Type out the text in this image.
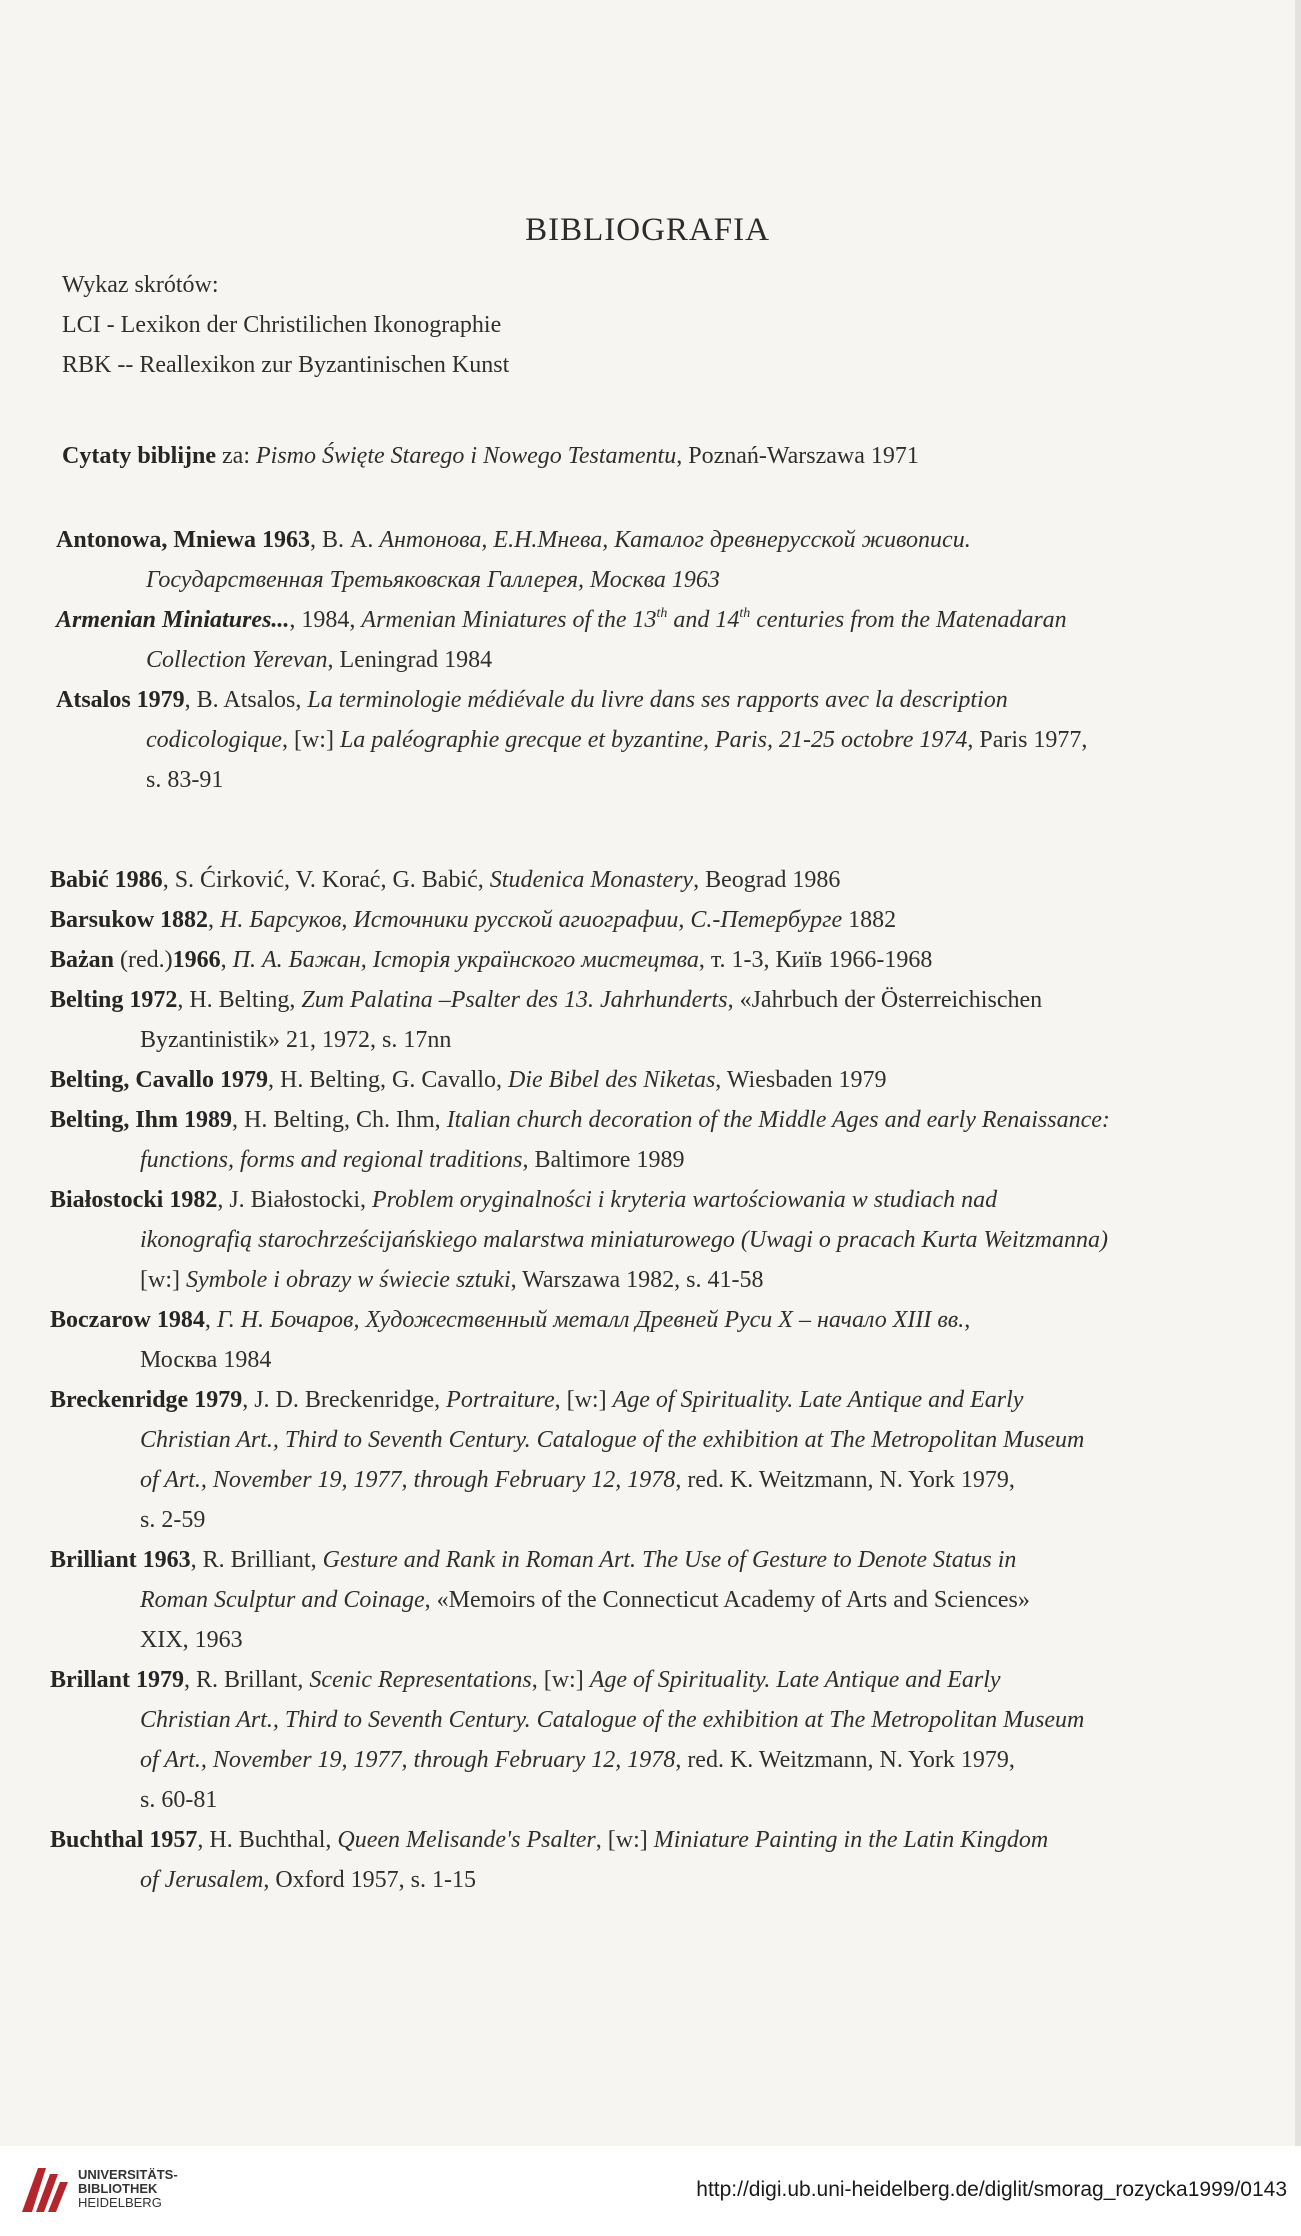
BIBLIOGRAFIA
Wykaz skrótów:
LCI - Lexikon der Christilichen Ikonographie
RBK -- Reallexikon zur Byzantinischen Kunst
Cytaty biblijne za: Pismo Święte Starego i Nowego Testamentu, Poznań-Warszawa 1971
Antonowa, Mniewa 1963, В. А. Антонова, Е.Н.Мнева, Каталог древнерусской живописи.
Государственная Третьяковская Галлерея, Москва 1963
Armenian Miniatures..., 1984, Armenian Miniatures of the 13th and 14th centuries from the Matenadaran
Collection Yerevan, Leningrad 1984
Atsalos 1979, B. Atsalos, La terminologie médiévale du livre dans ses rapports avec la description
codicologique, [w:] La paléographie grecque et byzantine, Paris, 21-25 octobre 1974, Paris 1977,
s. 83-91
Babić 1986, S. Ćirković, V. Korać, G. Babić, Studenica Monastery, Beograd 1986
Barsukow 1882, Н. Барсуков, Источники русской агиографии, С.-Петербурге 1882
Bażan (red.)1966, П. А. Бажан, Історія українского мистецтва, т. 1-3, Київ 1966-1968
Belting 1972, H. Belting, Zum Palatina –Psalter des 13. Jahrhunderts, «Jahrbuch der Österreichischen
Byzantinistik» 21, 1972, s. 17nn
Belting, Cavallo 1979, H. Belting, G. Cavallo, Die Bibel des Niketas, Wiesbaden 1979
Belting, Ihm 1989, H. Belting, Ch. Ihm, Italian church decoration of the Middle Ages and early Renaissance:
functions, forms and regional traditions, Baltimore 1989
Białostocki 1982, J. Białostocki, Problem oryginalności i kryteria wartościowania w studiach nad
ikonografią starochrześcijańskiego malarstwa miniaturowego (Uwagi o pracach Kurta Weitzmanna)
[w:] Symbole i obrazy w świecie sztuki, Warszawa 1982, s. 41-58
Boczarow 1984, Г. Н. Бочаров, Художественный металл Древней Руси X – начало XIII вв.,
Москва 1984
Breckenridge 1979, J. D. Breckenridge, Portraiture, [w:] Age of Spirituality. Late Antique and Early
Christian Art., Third to Seventh Century. Catalogue of the exhibition at The Metropolitan Museum
of Art., November 19, 1977, through February 12, 1978, red. K. Weitzmann, N. York 1979,
s. 2-59
Brilliant 1963, R. Brilliant, Gesture and Rank in Roman Art. The Use of Gesture to Denote Status in
Roman Sculptur and Coinage, «Memoirs of the Connecticut Academy of Arts and Sciences»
XIX, 1963
Brillant 1979, R. Brillant, Scenic Representations, [w:] Age of Spirituality. Late Antique and Early
Christian Art., Third to Seventh Century. Catalogue of the exhibition at The Metropolitan Museum
of Art., November 19, 1977, through February 12, 1978, red. K. Weitzmann, N. York 1979,
s. 60-81
Buchthal 1957, H. Buchthal, Queen Melisande's Psalter, [w:] Miniature Painting in the Latin Kingdom
of Jerusalem, Oxford 1957, s. 1-15
UNIVERSITÄTS-
BIBLIOTHEK
HEIDELBERG
http://digi.ub.uni-heidelberg.de/diglit/smorag_rozycka1999/0143
